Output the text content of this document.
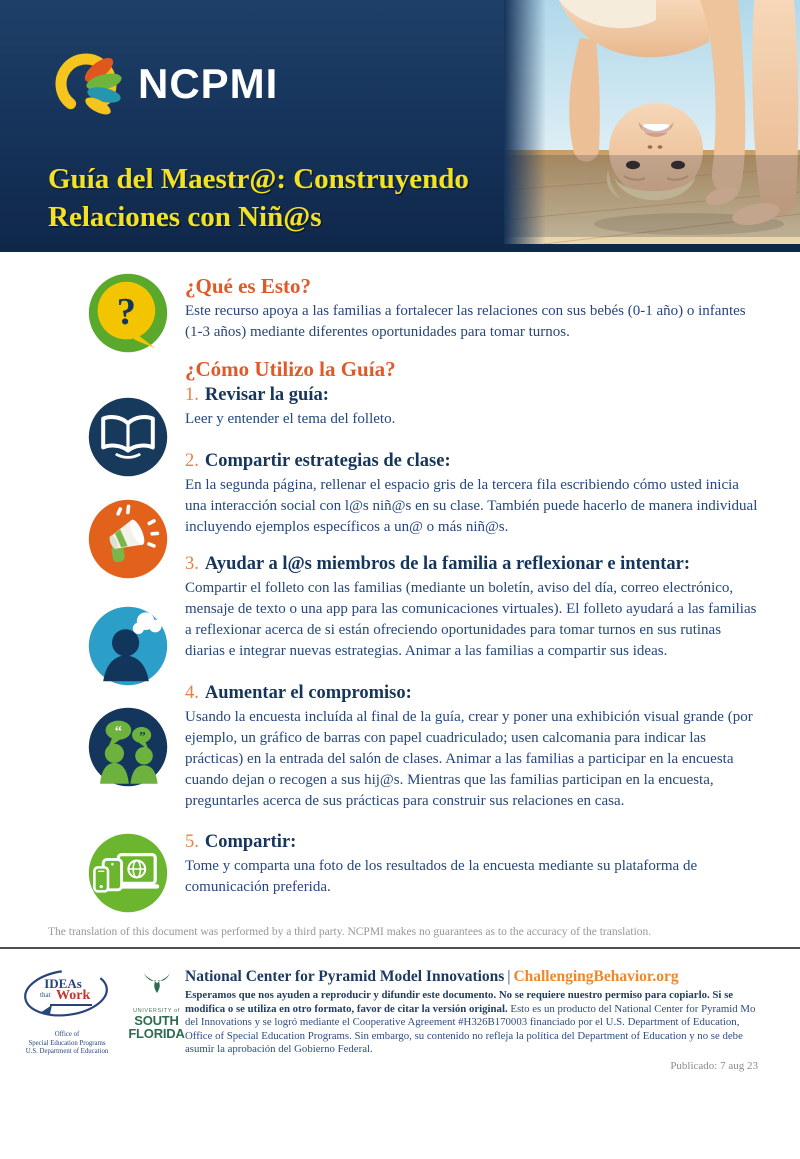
NCPMI
Guía del Maestr@: Construyendo
Relaciones con Niñ@s
?
¿Qué es Esto?

Este recurso apoya a las familias a fortalecer las relaciones con sus bebés (0-1 año) o infantes (1-3 años) mediante diferentes oportunidades para tomar turnos.

¿Cómo Utilizo la Guía?
1. Revisar la guía:

Leer y entender el tema del folleto.

2. Compartir estrategias de clase:

En la segunda página, rellenar el espacio gris de la tercera fila escribiendo cómo usted inicia una interacción social con l@s niñ@s en su clase. También puede hacerlo de manera individual incluyendo ejemplos específicos a un@ o más niñ@s.

3. Ayudar a l@s miembros de la familia a reflexionar e intentar:

Compartir el folleto con las familias (mediante un boletín, aviso del día, correo electrónico, mensaje de texto o una app para las comunicaciones virtuales). El folleto ayudará a las familias a reflexionar acerca de si están ofreciendo oportunidades para tomar turnos en sus rutinas diarias e integrar nuevas estrategias. Animar a las familias a compartir sus ideas.

“ ”
4. Aumentar el compromiso:

Usando la encuesta incluída al final de la guía, crear y poner una exhibición visual grande (por ejemplo, un gráfico de barras con papel cuadriculado; usen calcomania para indicar las prácticas) en la entrada del salón de clases. Animar a las familias a participar en la encuesta cuando dejan o recogen a sus hij@s. Mientras que las familias participan en la encuesta, preguntarles acerca de sus prácticas para construir sus relaciones en casa.

5. Compartir:

Tome y comparta una foto de los resultados de la encuesta mediante su plataforma de comunicación preferida.

The translation of this document was performed by a third party. NCPMI makes no guarantees as to the accuracy of the translation.
IDEAs
that Work
Office of
Special Education Programs
U.S. Department of Education
UNIVERSITY of
SOUTH
FLORIDA
National Center for Pyramid Model Innovations | ChallengingBehavior.org

Esperamos que nos ayuden a reproducir y difundir este documento. No se requiere nuestro permiso para copiarlo. Si se modifica o se utiliza en otro formato, favor de citar la versión original. Esto es un producto del National Center for Pyramid Mo del Innovations y se logró mediante el Cooperative Agreement #H326B170003 financiado por el U.S. Department of Education, Office of Special Education Programs. Sin embargo, su contenido no refleja la política del Department of Education y no se debe asumir la aprobación del Gobierno Federal.

Publicado: 7 aug 23
